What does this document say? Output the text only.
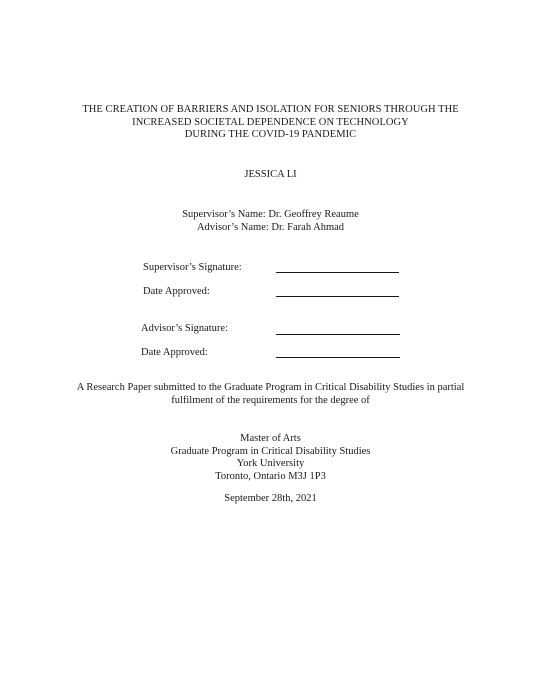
THE CREATION OF BARRIERS AND ISOLATION FOR SENIORS THROUGH THE
INCREASED SOCIETAL DEPENDENCE ON TECHNOLOGY
DURING THE COVID-19 PANDEMIC
JESSICA LI
Supervisor’s Name: Dr. Geoffrey Reaume
Advisor’s Name: Dr. Farah Ahmad
Supervisor’s Signature:
Date Approved:
Advisor’s Signature:
Date Approved:
A Research Paper submitted to the Graduate Program in Critical Disability Studies in partial
fulfilment of the requirements for the degree of
Master of Arts
Graduate Program in Critical Disability Studies
York University
Toronto, Ontario M3J 1P3
September 28th, 2021
